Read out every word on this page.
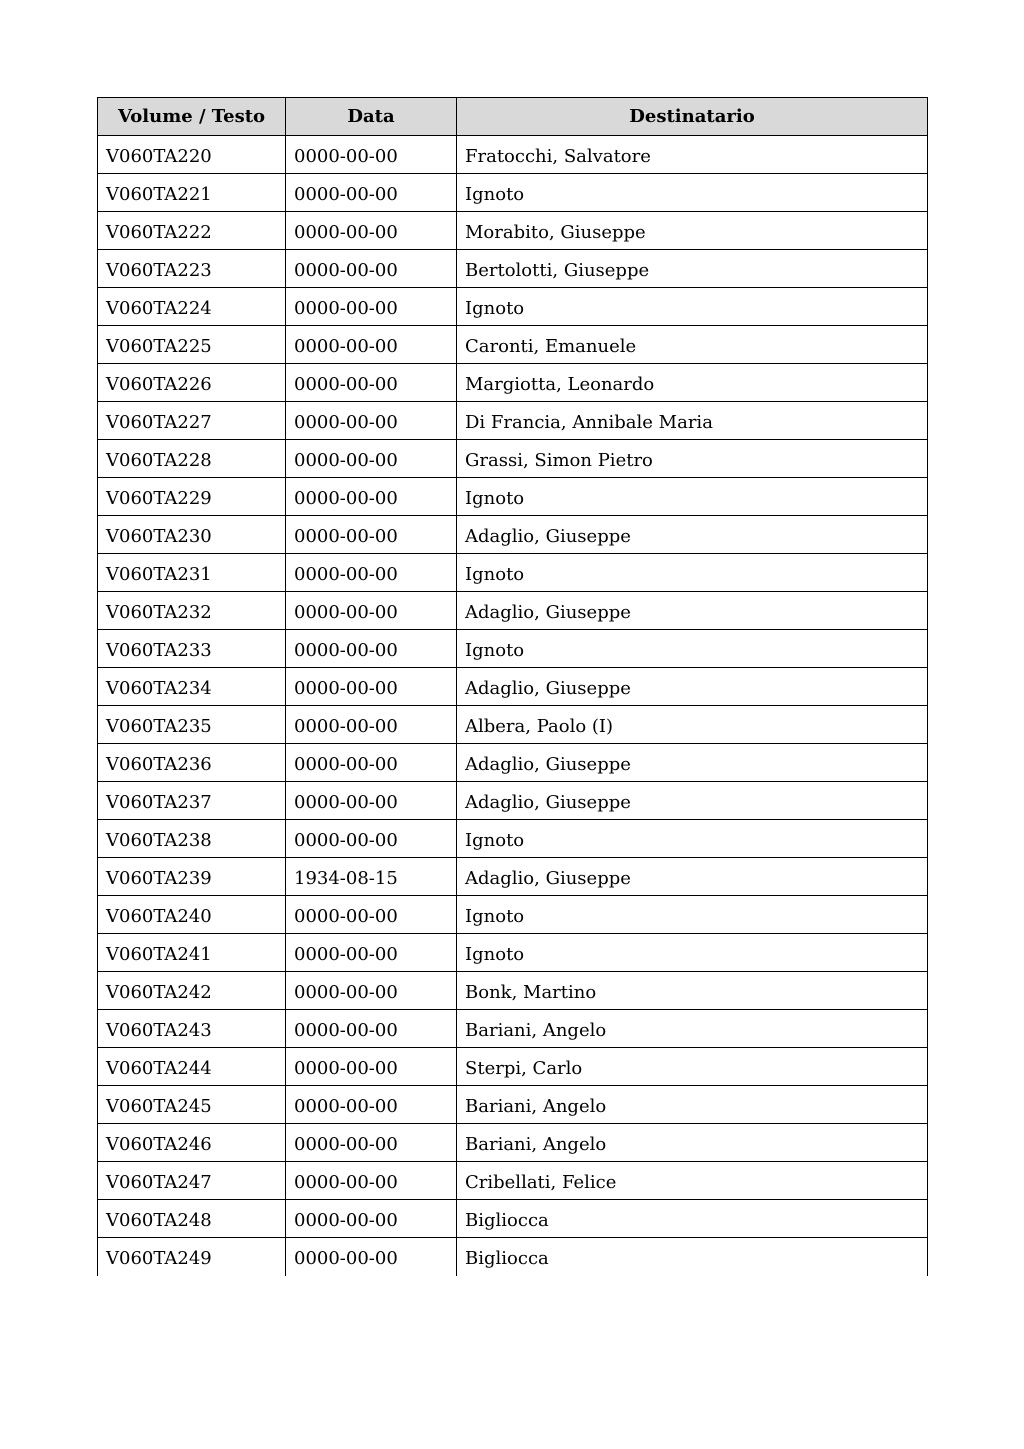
Volume / Testo	Data	Destinatario
V060TA220	0000-00-00	Fratocchi, Salvatore
V060TA221	0000-00-00	Ignoto
V060TA222	0000-00-00	Morabito, Giuseppe
V060TA223	0000-00-00	Bertolotti, Giuseppe
V060TA224	0000-00-00	Ignoto
V060TA225	0000-00-00	Caronti, Emanuele
V060TA226	0000-00-00	Margiotta, Leonardo
V060TA227	0000-00-00	Di Francia, Annibale Maria
V060TA228	0000-00-00	Grassi, Simon Pietro
V060TA229	0000-00-00	Ignoto
V060TA230	0000-00-00	Adaglio, Giuseppe
V060TA231	0000-00-00	Ignoto
V060TA232	0000-00-00	Adaglio, Giuseppe
V060TA233	0000-00-00	Ignoto
V060TA234	0000-00-00	Adaglio, Giuseppe
V060TA235	0000-00-00	Albera, Paolo (I)
V060TA236	0000-00-00	Adaglio, Giuseppe
V060TA237	0000-00-00	Adaglio, Giuseppe
V060TA238	0000-00-00	Ignoto
V060TA239	1934-08-15	Adaglio, Giuseppe
V060TA240	0000-00-00	Ignoto
V060TA241	0000-00-00	Ignoto
V060TA242	0000-00-00	Bonk, Martino
V060TA243	0000-00-00	Bariani, Angelo
V060TA244	0000-00-00	Sterpi, Carlo
V060TA245	0000-00-00	Bariani, Angelo
V060TA246	0000-00-00	Bariani, Angelo
V060TA247	0000-00-00	Cribellati, Felice
V060TA248	0000-00-00	Bigliocca
V060TA249	0000-00-00	Bigliocca
